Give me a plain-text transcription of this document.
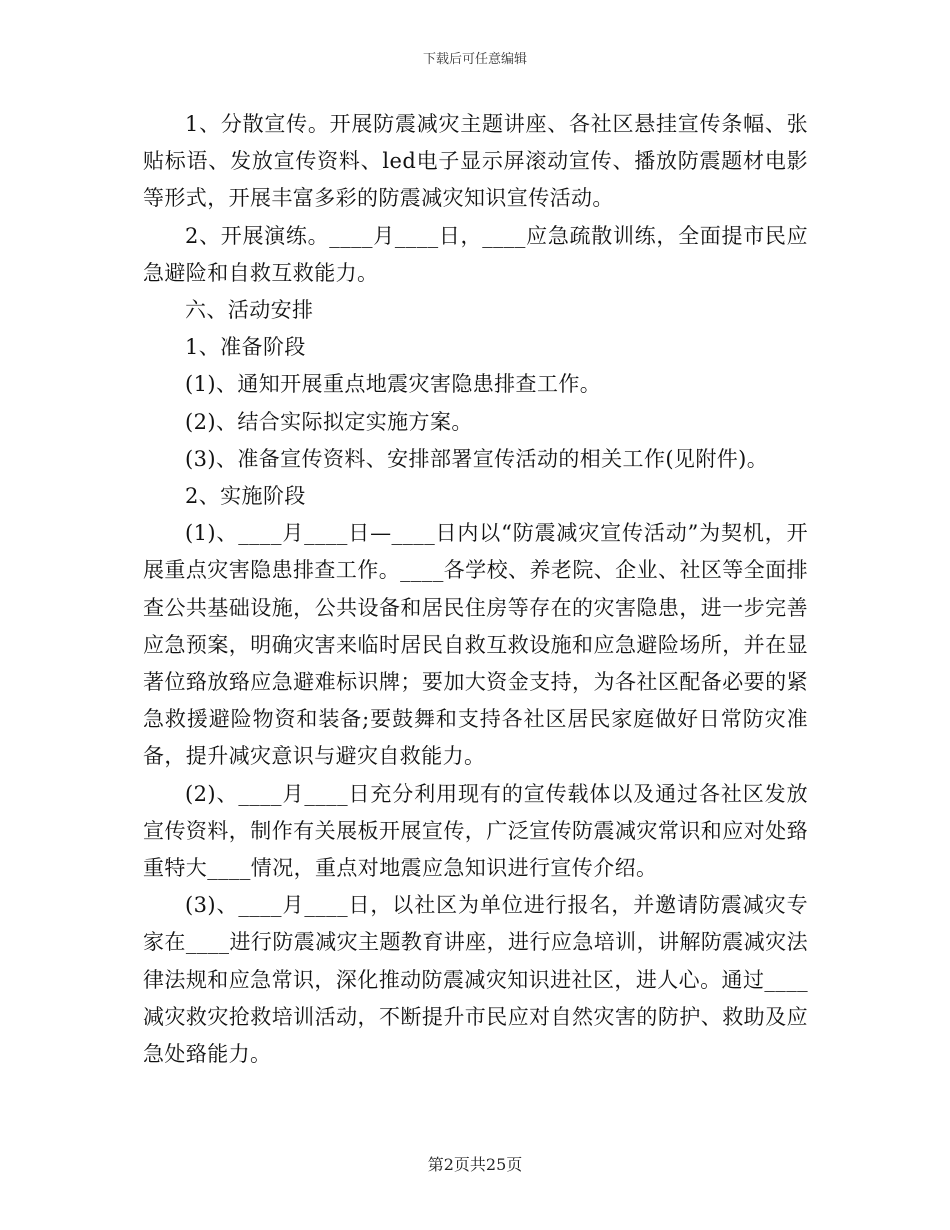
下载后可任意编辑

1、分散宣传。开展防震减灾主题讲座、各社区悬挂宣传条幅、张贴标语、发放宣传资料、led电子显示屏滚动宣传、播放防震题材电影等形式，开展丰富多彩的防震减灾知识宣传活动。

2、开展演练。____月____日，____应急疏散训练，全面提市民应急避险和自救互救能力。

六、活动安排

1、准备阶段

(1)、通知开展重点地震灾害隐患排查工作。

(2)、结合实际拟定实施方案。

(3)、准备宣传资料、安排部署宣传活动的相关工作(见附件)。

2、实施阶段

(1)、____月____日—____日内以“防震减灾宣传活动”为契机，开展重点灾害隐患排查工作。____各学校、养老院、企业、社区等全面排查公共基础设施，公共设备和居民住房等存在的灾害隐患，进一步完善应急预案，明确灾害来临时居民自救互救设施和应急避险场所，并在显著位臵放臵应急避难标识牌；要加大资金支持，为各社区配备必要的紧急救援避险物资和装备;要鼓舞和支持各社区居民家庭做好日常防灾准备，提升减灾意识与避灾自救能力。

(2)、____月____日充分利用现有的宣传载体以及通过各社区发放宣传资料，制作有关展板开展宣传，广泛宣传防震减灾常识和应对处臵重特大____情况，重点对地震应急知识进行宣传介绍。

(3)、____月____日，以社区为单位进行报名，并邀请防震减灾专家在____进行防震减灾主题教育讲座，进行应急培训，讲解防震减灾法律法规和应急常识，深化推动防震减灾知识进社区，进人心。通过____减灾救灾抢救培训活动，不断提升市民应对自然灾害的防护、救助及应急处臵能力。

第2页共25页
